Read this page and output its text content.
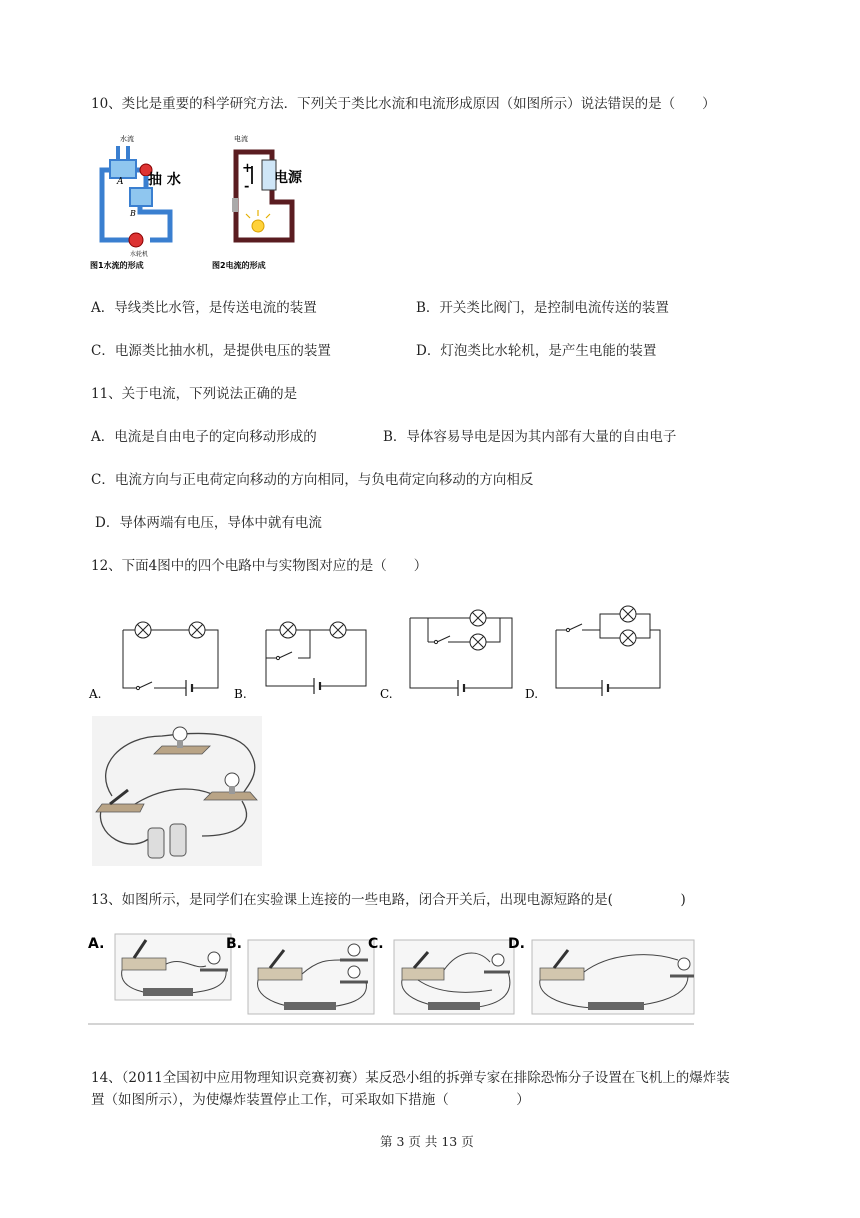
10、类比是重要的科学研究方法．下列关于类比水流和电流形成原因（如图所示）说法错误的是（　　）
水流
A
B
抽 水
水轮机
图1水流的形成
电流
+
-
电源
图2电流的形成
A．导线类比水管，是传送电流的装置	B．开关类比阀门，是控制电流传送的装置
C．电源类比抽水机，是提供电压的装置	D．灯泡类比水轮机，是产生电能的装置
11、关于电流，下列说法正确的是
A．电流是自由电子的定向移动形成的	B．导体容易导电是因为其内部有大量的自由电子
C．电流方向与正电荷定向移动的方向相同，与负电荷定向移动的方向相反
D．导体两端有电压，导体中就有电流
12、下面4图中的四个电路中与实物图对应的是（　　）
A.	B.	C.	D.
13、如图所示，是同学们在实验课上连接的一些电路，闭合开关后，出现电源短路的是(　　　　　)
A.	B.	C.	D.
14、（2011全国初中应用物理知识竞赛初赛）某反恐小组的拆弹专家在排除恐怖分子设置在飞机上的爆炸装
置（如图所示），为使爆炸装置停止工作，可采取如下措施（　　　　　）
第 3 页 共 13 页
